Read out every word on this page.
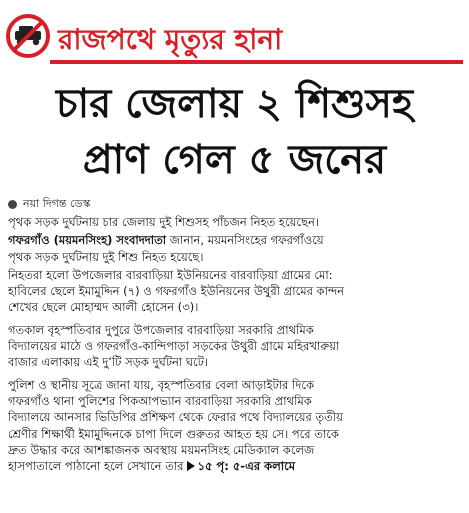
রাজপথে মৃত্যুর হানা
চার জেলায় ২ শিশুসহ
প্রাণ গেল ৫ জনের
নয়া দিগন্ত ডেস্ক

পৃথক সড়ক দুর্ঘটনায় চার জেলায় দুই শিশুসহ পাঁচজন নিহত হয়েছেন।

গফরগাঁও (ময়মনসিংহ) সংবাদদাতা জানান, ময়মনসিংহের গফরগাঁওয়ে
পৃথক সড়ক দুর্ঘটনায় দুই শিশু নিহত হয়েছে।

নিহতরা হলো উপজেলার বারবাড়িয়া ইউনিয়নের বারবাড়িয়া গ্রামের মো:
হাবিলের ছেলে ইমামুদ্দিন (৭) ও গফরগাঁও ইউনিয়নের উথুরী গ্রামের কান্দন
শেখের ছেলে মোহাম্মদ আলী হোসেন (৩)।

গতকাল বৃহস্পতিবার দুপুরে উপজেলার বারবাড়িয়া সরকারি প্রাথমিক
বিদ্যালয়ের মাঠে ও গফরগাঁও-কান্দিপাড়া সড়কের উথুরী গ্রামে মহিরখারুয়া
বাজার এলাকায় এই দু’টি সড়ক দুর্ঘটনা ঘটে।

পুলিশ ও স্থানীয় সূত্রে জানা যায়, বৃহস্পতিবার বেলা আড়াইটার দিকে
গফরগাঁও থানা পুলিশের পিকআপভ্যান বারবাড়িয়া সরকারি প্রাথমিক
বিদ্যালয়ে আনসার ভিডিপির প্রশিক্ষণ থেকে ফেরার পথে বিদ্যালয়ের তৃতীয়
শ্রেণীর শিক্ষার্থী ইমামুদ্দিনকে চাপা দিলে গুরুতর আহত হয় সে। পরে তাকে
দ্রুত উদ্ধার করে আশঙ্কাজনক অবস্থায় ময়মনসিংহ মেডিক্যাল কলেজ
হাসপাতালে পাঠানো হলে সেখানে তার ১৫ পৃ: ৫-এর কলামে
